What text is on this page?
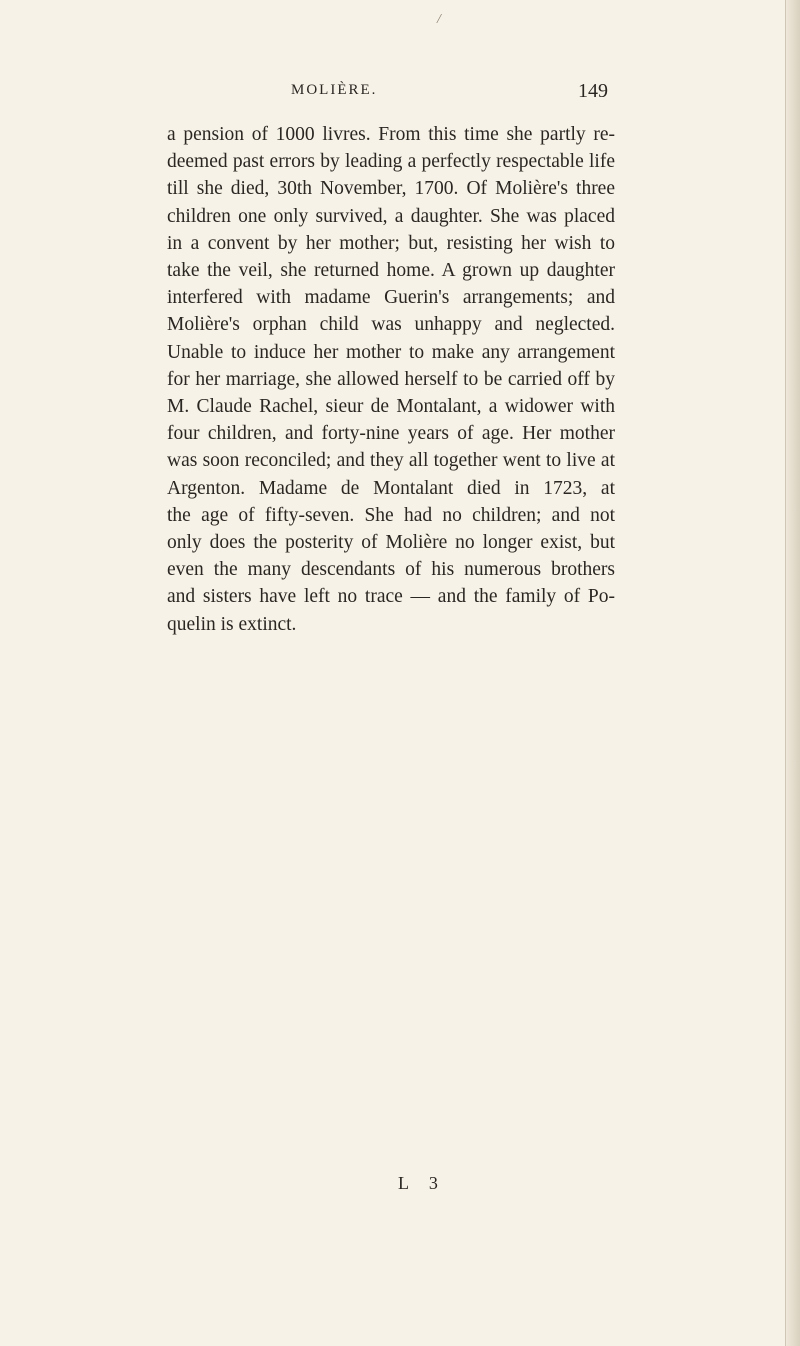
/
MOLIÈRE.	149
a pension of 1000 livres. From this time she partly re-
deemed past errors by leading a perfectly respectable life
till she died, 30th November, 1700. Of Molière's three
children one only survived, a daughter. She was placed
in a convent by her mother; but, resisting her wish to
take the veil, she returned home. A grown up daughter
interfered with madame Guerin's arrangements; and
Molière's orphan child was unhappy and neglected.
Unable to induce her mother to make any arrangement
for her marriage, she allowed herself to be carried off by
M. Claude Rachel, sieur de Montalant, a widower with
four children, and forty-nine years of age. Her mother
was soon reconciled; and they all together went to live at
Argenton. Madame de Montalant died in 1723, at
the age of fifty-seven. She had no children; and not
only does the posterity of Molière no longer exist, but
even the many descendants of his numerous brothers
and sisters have left no trace — and the family of Po-
quelin is extinct.
L 3
